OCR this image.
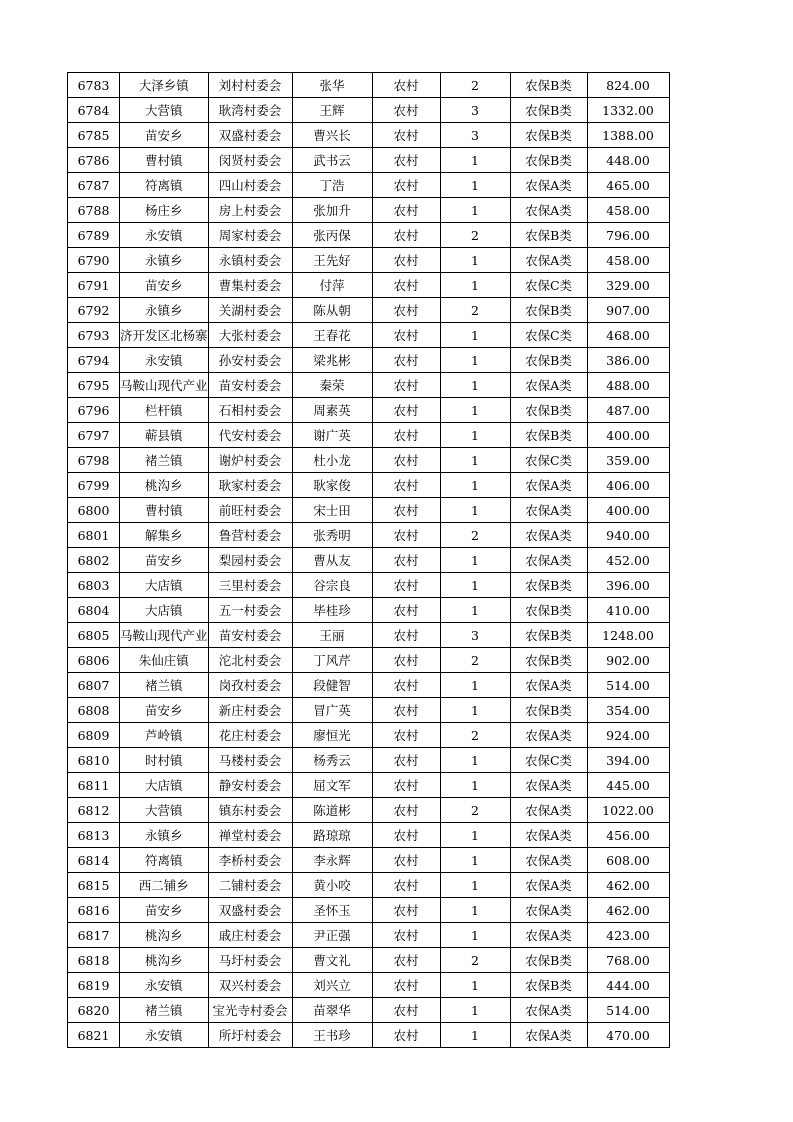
6783	大泽乡镇	刘村村委会	张华	农村	2	农保B类	824.00
6784	大营镇	耿湾村委会	王辉	农村	3	农保B类	1332.00
6785	苗安乡	双盛村委会	曹兴长	农村	3	农保B类	1388.00
6786	曹村镇	闵贤村委会	武书云	农村	1	农保B类	448.00
6787	符离镇	四山村委会	丁浩	农村	1	农保A类	465.00
6788	杨庄乡	房上村委会	张加升	农村	1	农保A类	458.00
6789	永安镇	周家村委会	张丙保	农村	2	农保B类	796.00
6790	永镇乡	永镇村委会	王先好	农村	1	农保A类	458.00
6791	苗安乡	曹集村委会	付萍	农村	1	农保C类	329.00
6792	永镇乡	关湖村委会	陈从朝	农村	2	农保B类	907.00
6793	济开发区北杨寨	大张村委会	王春花	农村	1	农保C类	468.00
6794	永安镇	孙安村委会	梁兆彬	农村	1	农保B类	386.00
6795	马鞍山现代产业	苗安村委会	秦荣	农村	1	农保A类	488.00
6796	栏杆镇	石相村委会	周素英	农村	1	农保B类	487.00
6797	蕲县镇	代安村委会	谢广英	农村	1	农保B类	400.00
6798	褚兰镇	谢炉村委会	杜小龙	农村	1	农保C类	359.00
6799	桃沟乡	耿家村委会	耿家俊	农村	1	农保A类	406.00
6800	曹村镇	前旺村委会	宋士田	农村	1	农保A类	400.00
6801	解集乡	鲁营村委会	张秀明	农村	2	农保A类	940.00
6802	苗安乡	梨园村委会	曹从友	农村	1	农保A类	452.00
6803	大店镇	三里村委会	谷宗良	农村	1	农保B类	396.00
6804	大店镇	五一村委会	毕桂珍	农村	1	农保B类	410.00
6805	马鞍山现代产业	苗安村委会	王丽	农村	3	农保B类	1248.00
6806	朱仙庄镇	沱北村委会	丁风芹	农村	2	农保B类	902.00
6807	褚兰镇	岗孜村委会	段健智	农村	1	农保A类	514.00
6808	苗安乡	新庄村委会	冒广英	农村	1	农保B类	354.00
6809	芦岭镇	花庄村委会	廖恒光	农村	2	农保A类	924.00
6810	时村镇	马楼村委会	杨秀云	农村	1	农保C类	394.00
6811	大店镇	静安村委会	屈文军	农村	1	农保A类	445.00
6812	大营镇	镇东村委会	陈道彬	农村	2	农保A类	1022.00
6813	永镇乡	禅堂村委会	路琼琼	农村	1	农保A类	456.00
6814	符离镇	李桥村委会	李永辉	农村	1	农保A类	608.00
6815	西二铺乡	二铺村委会	黄小咬	农村	1	农保A类	462.00
6816	苗安乡	双盛村委会	圣怀玉	农村	1	农保A类	462.00
6817	桃沟乡	戚庄村委会	尹正强	农村	1	农保A类	423.00
6818	桃沟乡	马圩村委会	曹文礼	农村	2	农保B类	768.00
6819	永安镇	双兴村委会	刘兴立	农村	1	农保B类	444.00
6820	褚兰镇	宝光寺村委会	苗翠华	农村	1	农保A类	514.00
6821	永安镇	所圩村委会	王书珍	农村	1	农保A类	470.00
